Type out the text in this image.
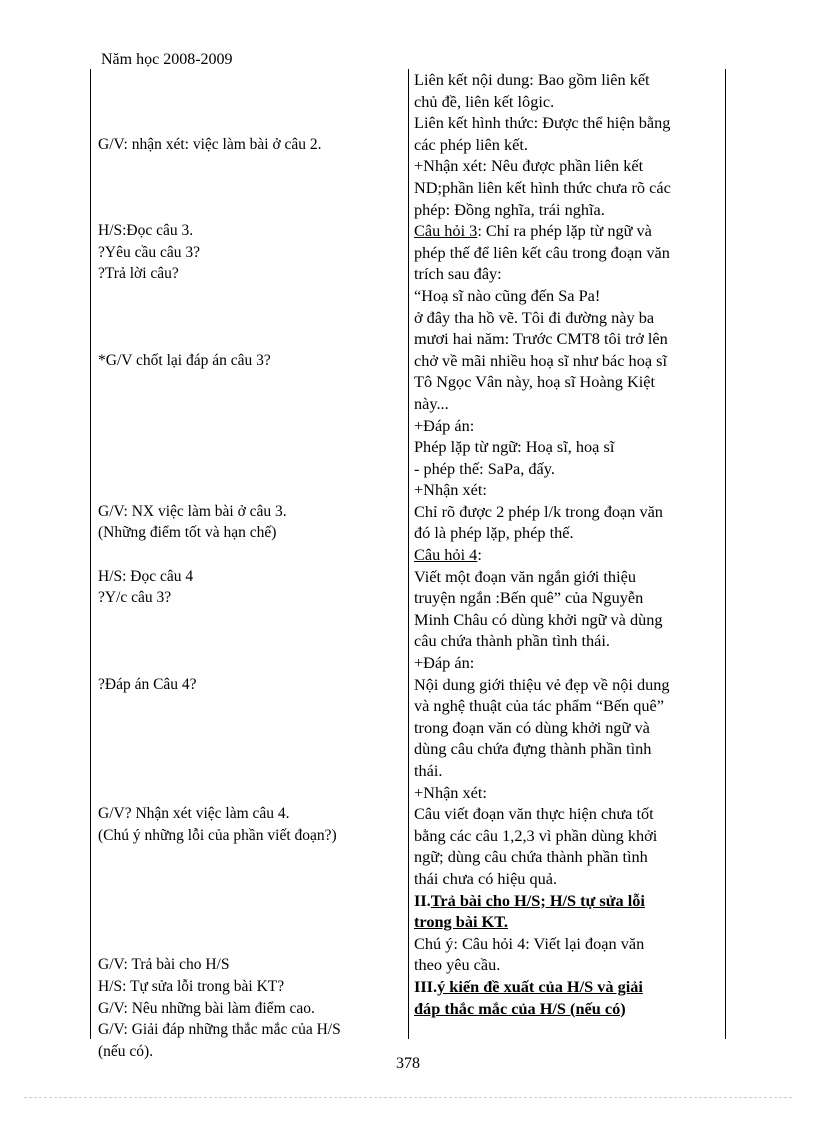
Năm học 2008-2009
G/V: nhận xét: việc làm bài ở câu 2.
H/S:Đọc câu 3.
?Yêu cầu câu 3?
?Trả lời câu?
*G/V chốt lại đáp án câu 3?
G/V: NX việc làm bài ở câu 3.
(Những điểm tốt và hạn chế)
H/S: Đọc câu 4
?Y/c câu 3?
?Đáp án Câu 4?
G/V? Nhận xét việc làm câu 4.
(Chú ý những lỗi của phần viết đoạn?)
G/V: Trả bài cho H/S
H/S: Tự sửa lỗi trong bài KT?
G/V: Nêu những bài làm điểm cao.
G/V: Giải đáp những thắc mắc của H/S
(nếu có).
Liên kết nội dung: Bao gồm liên kết
chủ đề, liên kết lôgic.
Liên kết hình thức: Được thể hiện bằng
các phép liên kết.
+Nhận xét: Nêu được phần liên kết
ND;phần liên kết hình thức chưa rõ các
phép: Đồng nghĩa, trái nghĩa.
Câu hỏi 3: Chỉ ra phép lặp từ ngữ và
phép thế để liên kết câu trong đoạn văn
trích sau đây:
“Hoạ sĩ nào cũng đến Sa Pa!
ở đây tha hồ vẽ. Tôi đi đường này ba
mươi hai năm: Trước CMT8 tôi trở lên
chở về mãi nhiều hoạ sĩ như bác hoạ sĩ
Tô Ngọc Vân này, hoạ sĩ Hoàng Kiệt
này...
+Đáp án:
Phép lặp từ ngữ: Hoạ sĩ, hoạ sĩ
- phép thế: SaPa, đấy.
+Nhận xét:
Chỉ rõ được 2 phép l/k trong đoạn văn
đó là phép lặp, phép thế.
Câu hỏi 4:
Viết một đoạn văn ngắn giới thiệu
truyện ngắn :Bến quê” của Nguyễn
Minh Châu có dùng khởi ngữ và dùng
câu chứa thành phần tình thái.
+Đáp án:
Nội dung giới thiệu vẻ đẹp về nội dung
và nghệ thuật của tác phẩm “Bến quê”
trong đoạn văn có dùng khởi ngữ và
dùng câu chứa đựng thành phần tình
thái.
+Nhận xét:
Câu viết đoạn văn thực hiện chưa tốt
bằng các câu 1,2,3 vì phần dùng khởi
ngữ; dùng câu chứa thành phần tình
thái chưa có hiệu quả.
II.Trả bài cho H/S; H/S tự sửa lỗi
trong bài KT.
Chú ý: Câu hỏi 4: Viết lại đoạn văn
theo yêu cầu.
III.ý kiến đề xuất của H/S và giải
đáp thắc mắc của H/S (nếu có)
378
